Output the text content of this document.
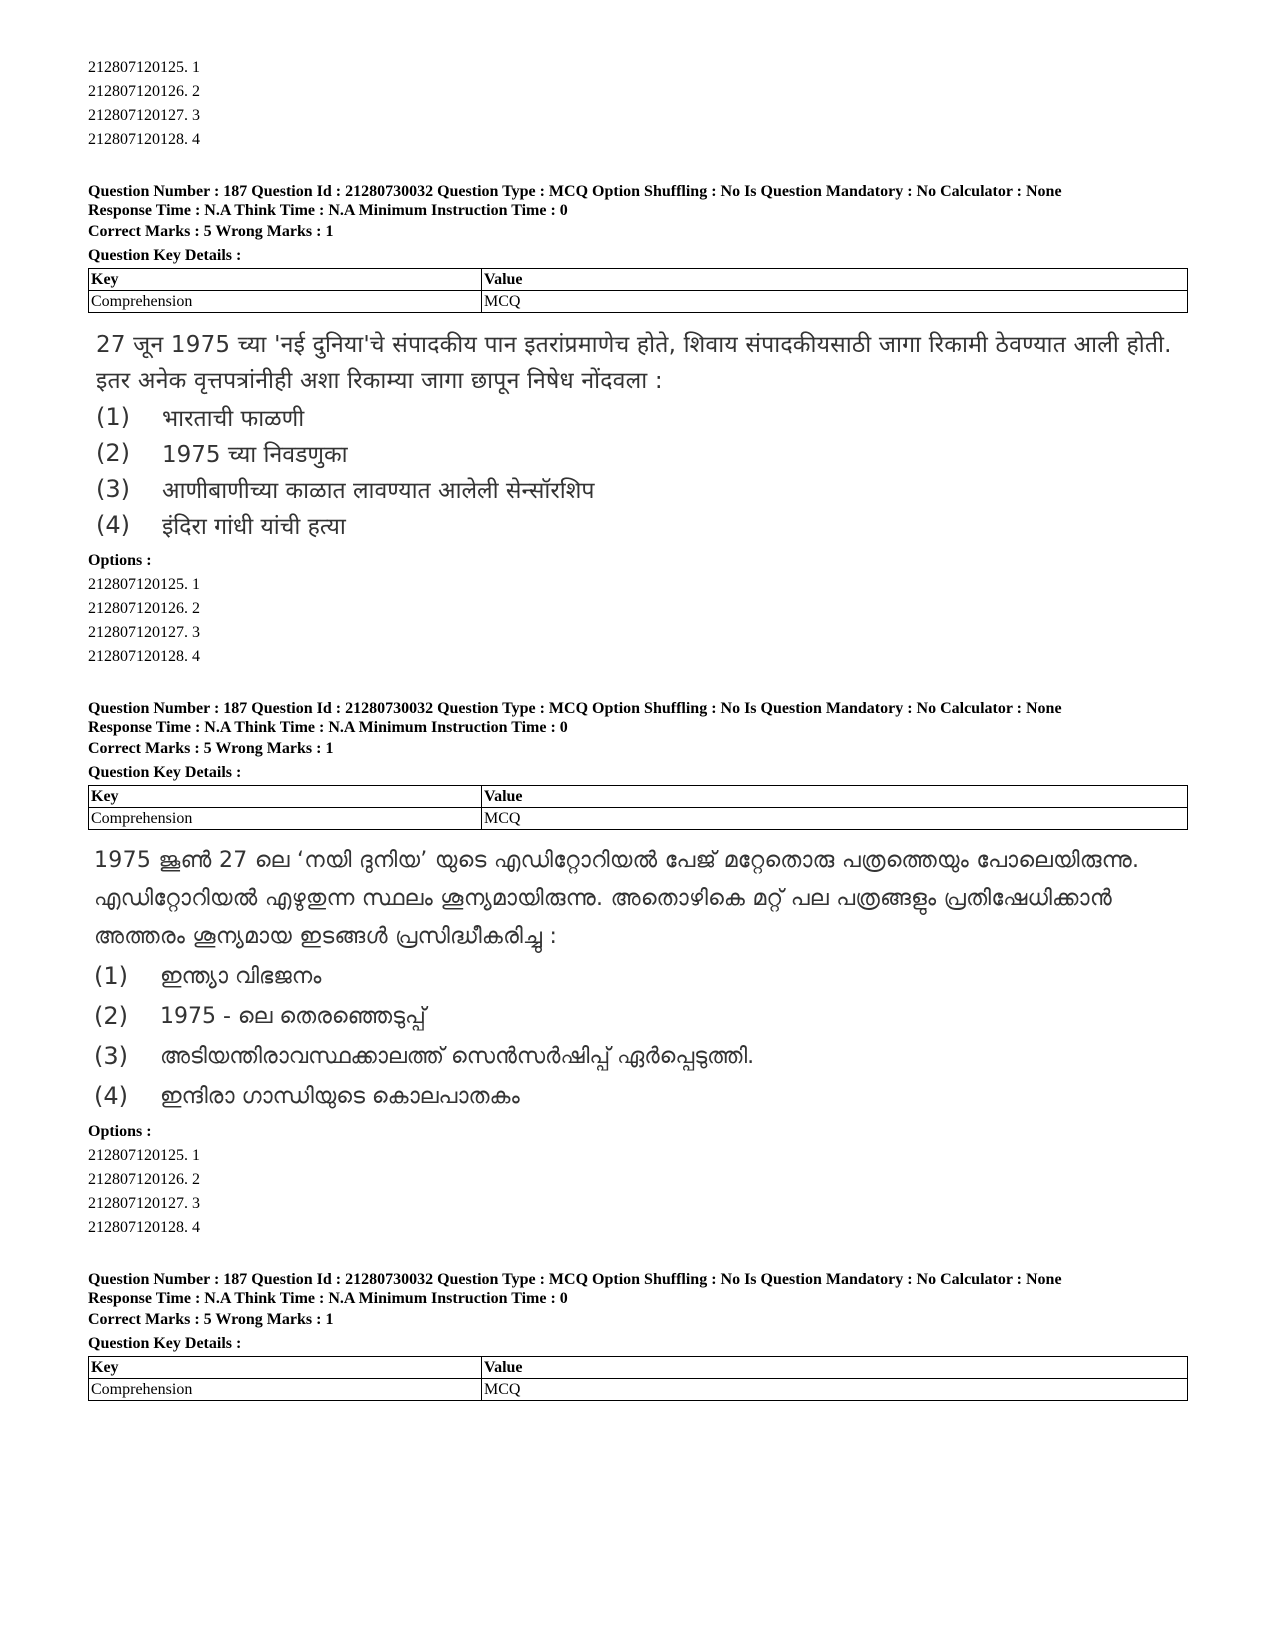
212807120125. 1
212807120126. 2
212807120127. 3
212807120128. 4
Question Number : 187 Question Id : 21280730032 Question Type : MCQ Option Shuffling : No Is Question Mandatory : No Calculator : None
Response Time : N.A Think Time : N.A Minimum Instruction Time : 0
Correct Marks : 5 Wrong Marks : 1
Question Key Details :
Key	Value
Comprehension	MCQ
27 जून 1975 च्या 'नई दुनिया'चे संपादकीय पान इतरांप्रमाणेच होते, शिवाय संपादकीयसाठी जागा रिकामी ठेवण्यात आली होती. इतर अनेक वृत्तपत्रांनीही अशा रिकाम्या जागा छापून निषेध नोंदवला :
(1)	भारताची फाळणी
(2)	1975 च्या निवडणुका
(3)	आणीबाणीच्या काळात लावण्यात आलेली सेन्सॉरशिप
(4)	इंदिरा गांधी यांची हत्या
Options :
212807120125. 1
212807120126. 2
212807120127. 3
212807120128. 4
Question Number : 187 Question Id : 21280730032 Question Type : MCQ Option Shuffling : No Is Question Mandatory : No Calculator : None
Response Time : N.A Think Time : N.A Minimum Instruction Time : 0
Correct Marks : 5 Wrong Marks : 1
Question Key Details :
Key	Value
Comprehension	MCQ
1975 ജൂൺ 27 ലെ ‘നയി ദുനിയ’ യുടെ എഡിറ്റോറിയൽ പേജ് മറ്റേതൊരു പത്രത്തെയും പോലെയിരുന്നു. എഡിറ്റോറിയൽ എഴുതുന്ന സ്ഥലം ശൂന്യമായിരുന്നു. അതൊഴികെ മറ്റ് പല പത്രങ്ങളും പ്രതിഷേധിക്കാൻ അത്തരം ശൂന്യമായ ഇടങ്ങൾ പ്രസിദ്ധീകരിച്ചു :
(1)	ഇന്ത്യാ വിഭജനം
(2)	1975 - ലെ തെരഞ്ഞെടുപ്പ്
(3)	അടിയന്തിരാവസ്ഥക്കാലത്ത് സെൻസർഷിപ്പ് ഏർപ്പെടുത്തി.
(4)	ഇന്ദിരാ ഗാന്ധിയുടെ കൊലപാതകം
Options :
212807120125. 1
212807120126. 2
212807120127. 3
212807120128. 4
Question Number : 187 Question Id : 21280730032 Question Type : MCQ Option Shuffling : No Is Question Mandatory : No Calculator : None
Response Time : N.A Think Time : N.A Minimum Instruction Time : 0
Correct Marks : 5 Wrong Marks : 1
Question Key Details :
Key	Value
Comprehension	MCQ
